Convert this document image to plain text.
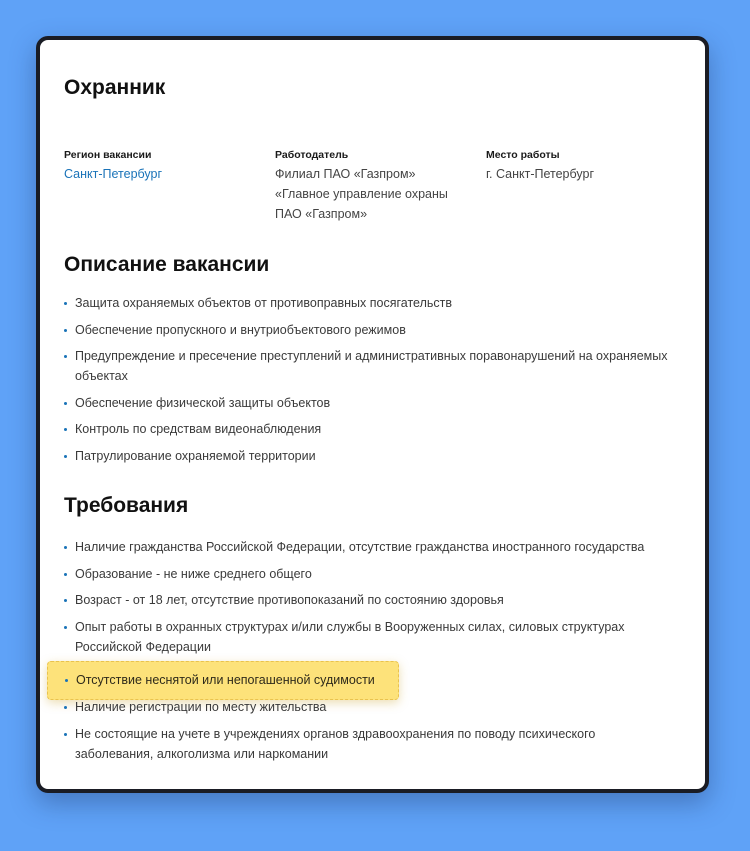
Охранник
Регион вакансии
Санкт-Петербург
Работодатель
Филиал ПАО «Газпром»
«Главное управление охраны
ПАО «Газпром»
Место работы
г. Санкт-Петербург
Описание вакансии
Защита охраняемых объектов от противоправных посягательств
Обеспечение пропускного и внутриобъектового режимов
Предупреждение и пресечение преступлений и административных поравонарушений на охраняемых объектах
Обеспечение физической защиты объектов
Контроль по средствам видеонаблюдения
Патрулирование охраняемой территории
Требования
Наличие гражданства Российской Федерации, отсутствие гражданства иностранного государства
Образование - не ниже среднего общего
Возраст - от 18 лет, отсутствие противопоказаний по состоянию здоровья
Опыт работы в охранных структурах и/или службы в Вооруженных силах, силовых структурах Российской Федерации
Отсутствие неснятой или непогашенной судимости
Наличие регистрации по месту жительства
Не состоящие на учете в учреждениях органов здравоохранения по поводу психического заболевания, алкоголизма или наркомании
